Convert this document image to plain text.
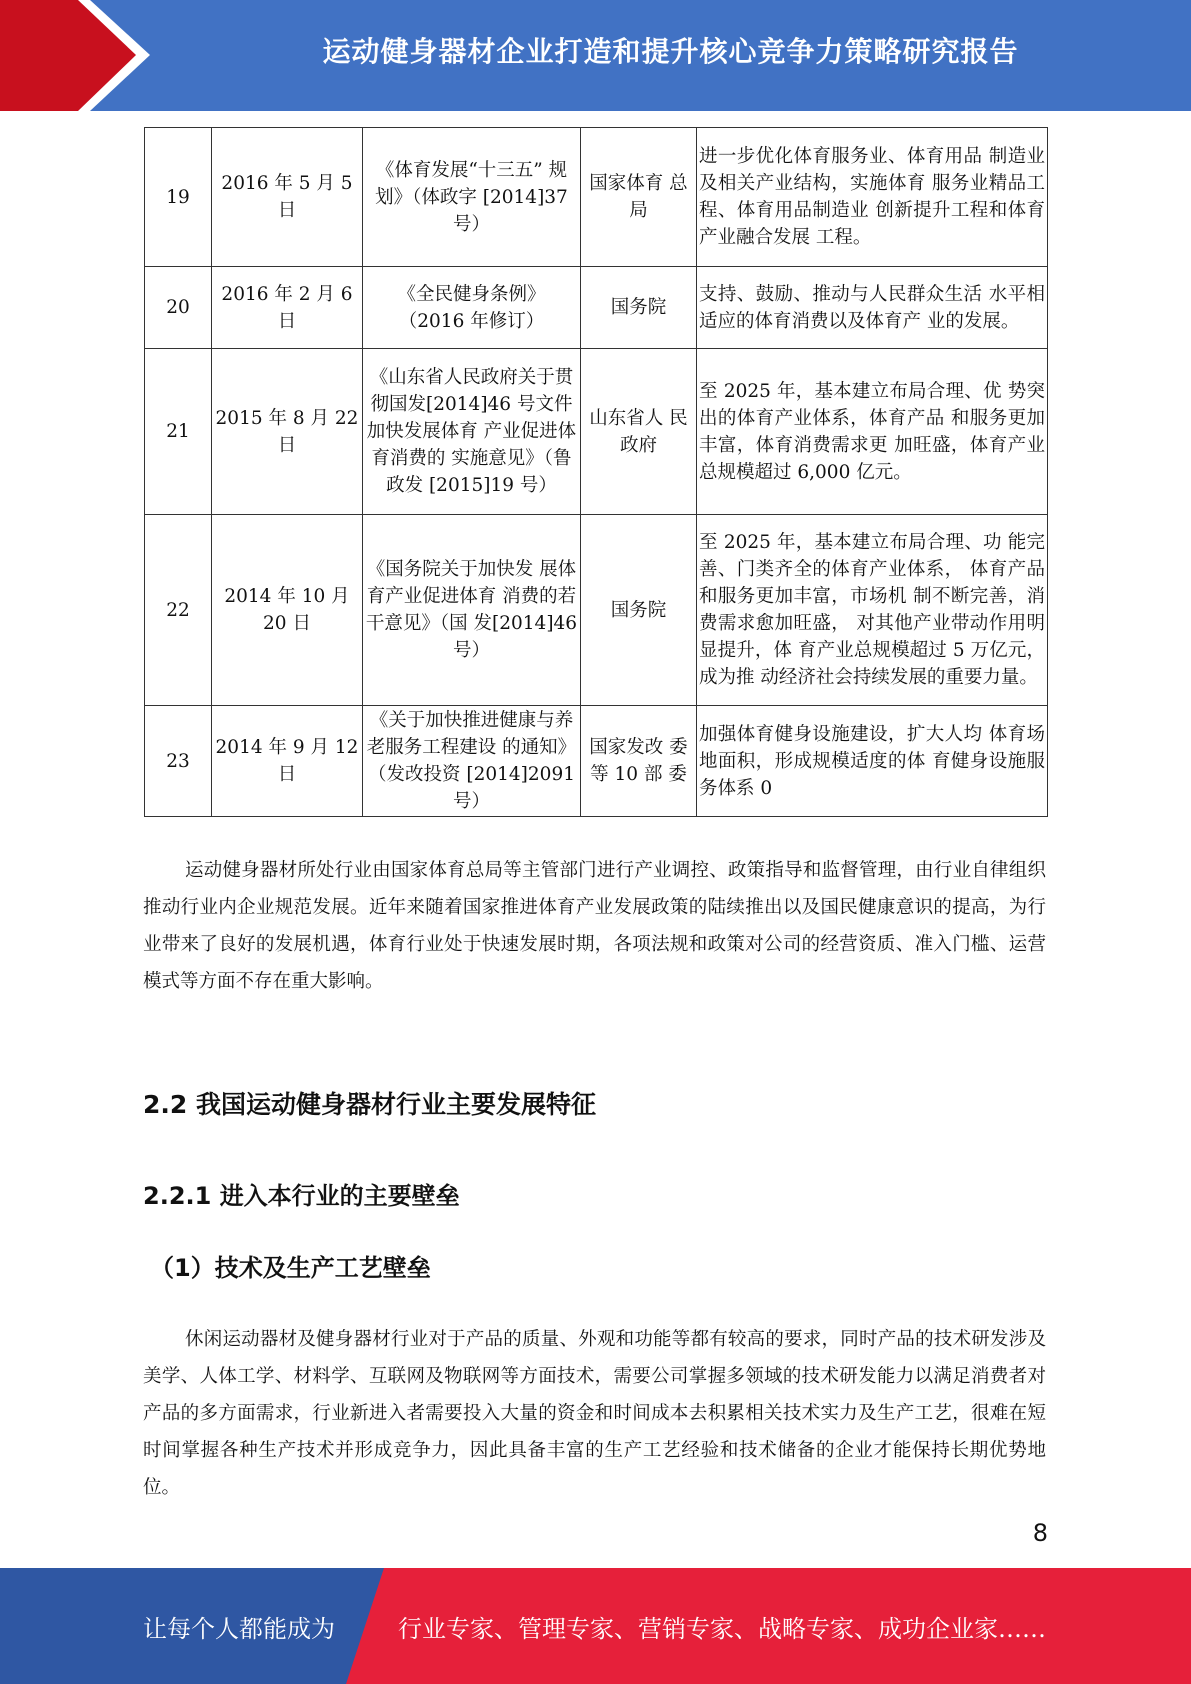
运动健身器材企业打造和提升核心竞争力策略研究报告
19	2016 年 5 月 5 日	《体育发展“十三五” 规划》（体政字 [2014]37 号）	国家体育 总局	进一步优化体育服务业、体育用品 制造业及相关产业结构，实施体育 服务业精品工程、体育用品制造业 创新提升工程和体育产业融合发展 工程。
20	2016 年 2 月 6 日	《全民健身条例》 （2016 年修订）	国务院	支持、鼓励、推动与人民群众生活 水平相适应的体育消费以及体育产 业的发展。
21	2015 年 8 月 22 日	《山东省人民政府关于贯彻国发[2014]46 号文件加快发展体育 产业促进体育消费的 实施意见》（鲁政发 [2015]19 号）	山东省人 民政府	至 2025 年，基本建立布局合理、优 势突出的体育产业体系，体育产品 和服务更加丰富，体育消费需求更 加旺盛，体育产业总规模超过 6,000 亿元。
22	2014 年 10 月 20 日	《国务院关于加快发 展体育产业促进体育 消费的若干意见》（国 发[2014]46 号）	国务院	至 2025 年，基本建立布局合理、功 能完善、门类齐全的体育产业体系， 体育产品和服务更加丰富，市场机 制不断完善，消费需求愈加旺盛， 对其他产业带动作用明显提升，体 育产业总规模超过 5 万亿元，成为推 动经济社会持续发展的重要力量。
23	2014 年 9 月 12 日	《关于加快推进健康与养老服务工程建设 的通知》（发改投资 [2014]2091 号）	国家发改 委等 10 部 委	加强体育健身设施建设，扩大人均 体育场地面积，形成规模适度的体 育健身设施服务体系 0

运动健身器材所处行业由国家体育总局等主管部门进行产业调控、政策指导和监督管理，由行业自律组织推动行业内企业规范发展。近年来随着国家推进体育产业发展政策的陆续推出以及国民健康意识的提高，为行业带来了良好的发展机遇，体育行业处于快速发展时期，各项法规和政策对公司的经营资质、准入门槛、运营模式等方面不存在重大影响。

2.2 我国运动健身器材行业主要发展特征
2.2.1 进入本行业的主要壁垒
（1）技术及生产工艺壁垒

休闲运动器材及健身器材行业对于产品的质量、外观和功能等都有较高的要求，同时产品的技术研发涉及美学、人体工学、材料学、互联网及物联网等方面技术，需要公司掌握多领域的技术研发能力以满足消费者对产品的多方面需求，行业新进入者需要投入大量的资金和时间成本去积累相关技术实力及生产工艺，很难在短时间掌握各种生产技术并形成竞争力，因此具备丰富的生产工艺经验和技术储备的企业才能保持长期优势地位。

8
让每个人都能成为	行业专家、管理专家、营销专家、战略专家、成功企业家……
